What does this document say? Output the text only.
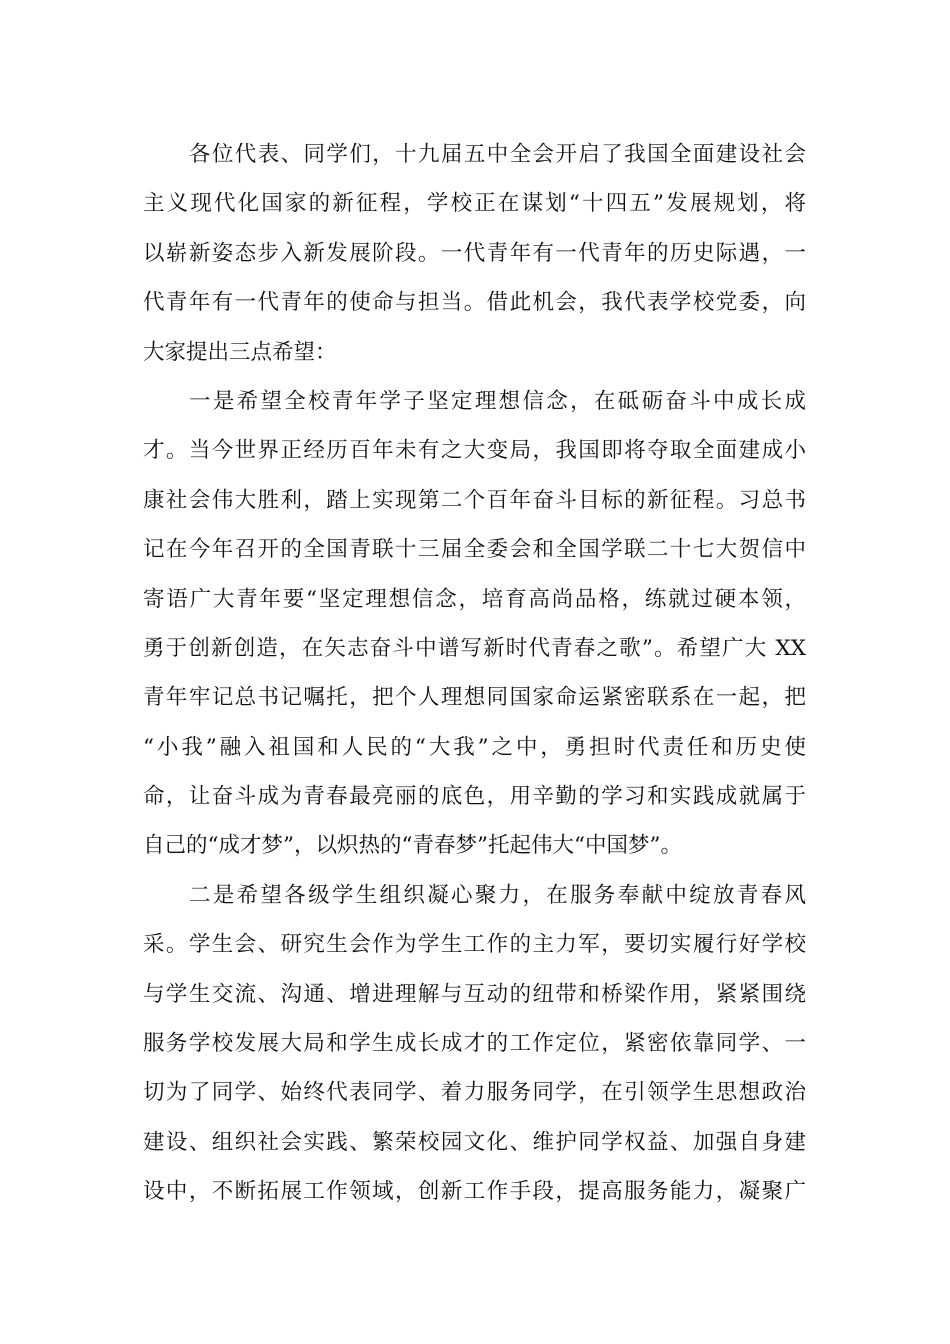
各位代表、同学们，十九届五中全会开启了我国全面建设社会
主义现代化国家的新征程，学校正在谋划“十四五”发展规划，将
以崭新姿态步入新发展阶段。一代青年有一代青年的历史际遇，一
代青年有一代青年的使命与担当。借此机会，我代表学校党委，向
大家提出三点希望：
一是希望全校青年学子坚定理想信念，在砥砺奋斗中成长成
才。当今世界正经历百年未有之大变局，我国即将夺取全面建成小
康社会伟大胜利，踏上实现第二个百年奋斗目标的新征程。习总书
记在今年召开的全国青联十三届全委会和全国学联二十七大贺信中
寄语广大青年要“坚定理想信念，培育高尚品格，练就过硬本领，
勇于创新创造，在矢志奋斗中谱写新时代青春之歌”。希望广大 XX
青年牢记总书记嘱托，把个人理想同国家命运紧密联系在一起，把
“小我”融入祖国和人民的“大我”之中，勇担时代责任和历史使
命，让奋斗成为青春最亮丽的底色，用辛勤的学习和实践成就属于
自己的“成才梦”，以炽热的“青春梦”托起伟大“中国梦”。
二是希望各级学生组织凝心聚力，在服务奉献中绽放青春风
采。学生会、研究生会作为学生工作的主力军，要切实履行好学校
与学生交流、沟通、增进理解与互动的纽带和桥梁作用，紧紧围绕
服务学校发展大局和学生成长成才的工作定位，紧密依靠同学、一
切为了同学、始终代表同学、着力服务同学，在引领学生思想政治
建设、组织社会实践、繁荣校园文化、维护同学权益、加强自身建
设中，不断拓展工作领域，创新工作手段，提高服务能力，凝聚广
